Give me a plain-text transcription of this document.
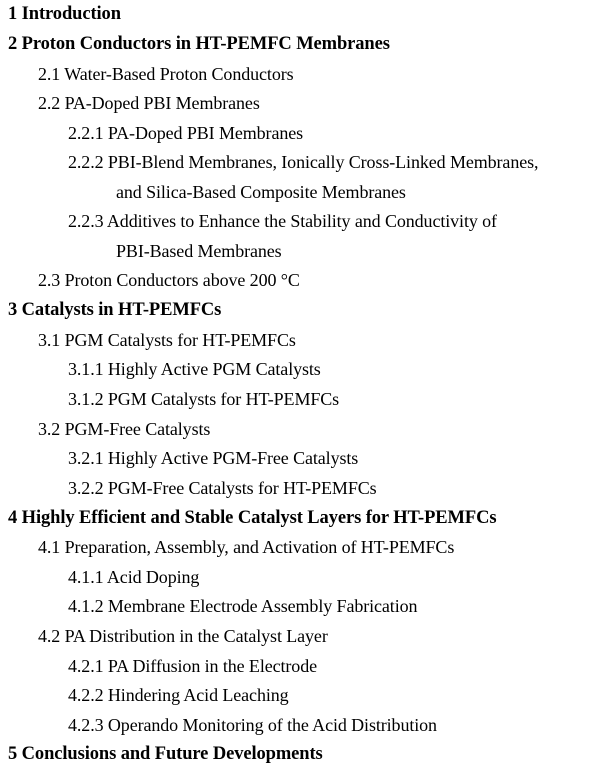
1 Introduction
2 Proton Conductors in HT-PEMFC Membranes
2.1 Water-Based Proton Conductors
2.2 PA-Doped PBI Membranes
2.2.1 PA-Doped PBI Membranes
2.2.2 PBI-Blend Membranes, Ionically Cross-Linked Membranes,
and Silica-Based Composite Membranes
2.2.3 Additives to Enhance the Stability and Conductivity of
PBI-Based Membranes
2.3 Proton Conductors above 200 °C
3 Catalysts in HT-PEMFCs
3.1 PGM Catalysts for HT-PEMFCs
3.1.1 Highly Active PGM Catalysts
3.1.2 PGM Catalysts for HT-PEMFCs
3.2 PGM-Free Catalysts
3.2.1 Highly Active PGM-Free Catalysts
3.2.2 PGM-Free Catalysts for HT-PEMFCs
4 Highly Efficient and Stable Catalyst Layers for HT-PEMFCs
4.1 Preparation, Assembly, and Activation of HT-PEMFCs
4.1.1 Acid Doping
4.1.2 Membrane Electrode Assembly Fabrication
4.2 PA Distribution in the Catalyst Layer
4.2.1 PA Diffusion in the Electrode
4.2.2 Hindering Acid Leaching
4.2.3 Operando Monitoring of the Acid Distribution
5 Conclusions and Future Developments
